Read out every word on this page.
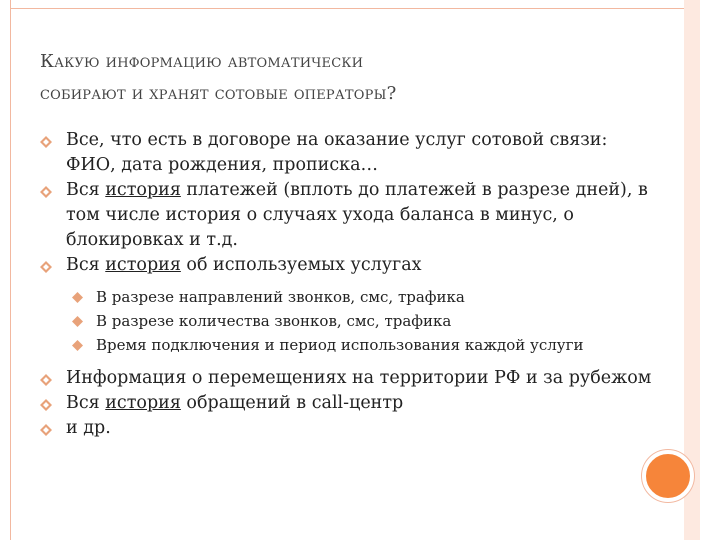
Какую информацию автоматически
собирают и хранят сотовые операторы?
Все, что есть в договоре на оказание услуг сотовой связи: ФИО, дата рождения, прописка…
Вся история платежей (вплоть до платежей в разрезе дней), в том числе история о случаях ухода баланса в минус, о блокировках и т.д.
Вся история об используемых услугах
В разрезе направлений звонков, смс, трафика
В разрезе количества звонков, смс, трафика
Время подключения и период использования каждой услуги
Информация о перемещениях на территории РФ и за рубежом
Вся история обращений в call-центр
и др.
